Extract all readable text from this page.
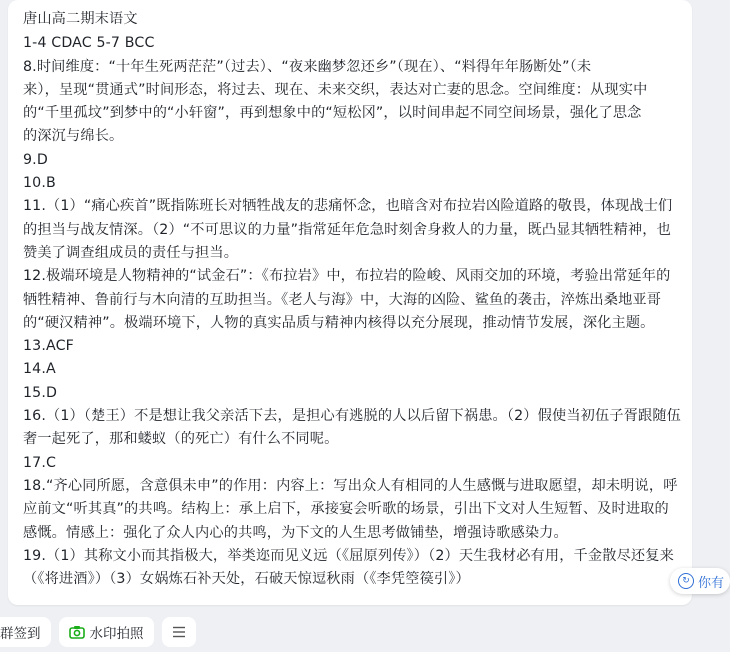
唐山高二期末语文
1-4 CDAC 5-7 BCC
8.时间维度：“十年生死两茫茫”（过去）、“夜来幽梦忽还乡”（现在）、“料得年年肠断处”（未
来），呈现“贯通式”时间形态，将过去、现在、未来交织，表达对亡妻的思念。空间维度：从现实中
的“千里孤坟”到梦中的“小轩窗”，再到想象中的“短松冈”，以时间串起不同空间场景，强化了思念
的深沉与绵长。
9.D
10.B
11.（1）“痛心疾首”既指陈班长对牺牲战友的悲痛怀念，也暗含对布拉岩凶险道路的敬畏，体现战士们
的担当与战友情深。（2）“不可思议的力量”指常延年危急时刻舍身救人的力量，既凸显其牺牲精神，也
赞美了调查组成员的责任与担当。
12.极端环境是人物精神的“试金石”：《布拉岩》中，布拉岩的险峻、风雨交加的环境，考验出常延年的
牺牲精神、鲁前行与木向清的互助担当。《老人与海》中，大海的凶险、鲨鱼的袭击，淬炼出桑地亚哥
的“硬汉精神”。极端环境下，人物的真实品质与精神内核得以充分展现，推动情节发展，深化主题。
13.ACF
14.A
15.D
16.（1）（楚王）不是想让我父亲活下去，是担心有逃脱的人以后留下祸患。（2）假使当初伍子胥跟随伍
奢一起死了，那和蝼蚁（的死亡）有什么不同呢。
17.C
18.“齐心同所愿，含意俱未申”的作用：内容上：写出众人有相同的人生感慨与进取愿望，却未明说，呼
应前文“听其真”的共鸣。结构上：承上启下，承接宴会听歌的场景，引出下文对人生短暂、及时进取的
感慨。情感上：强化了众人内心的共鸣，为下文的人生思考做铺垫，增强诗歌感染力。
19.（1）其称文小而其指极大，举类迩而见义远（《屈原列传》）（2）天生我材必有用，千金散尽还复来
（《将进酒》）（3）女娲炼石补天处，石破天惊逗秋雨（《李凭箜篌引》）	↻ 你有
群签到	水印拍照
